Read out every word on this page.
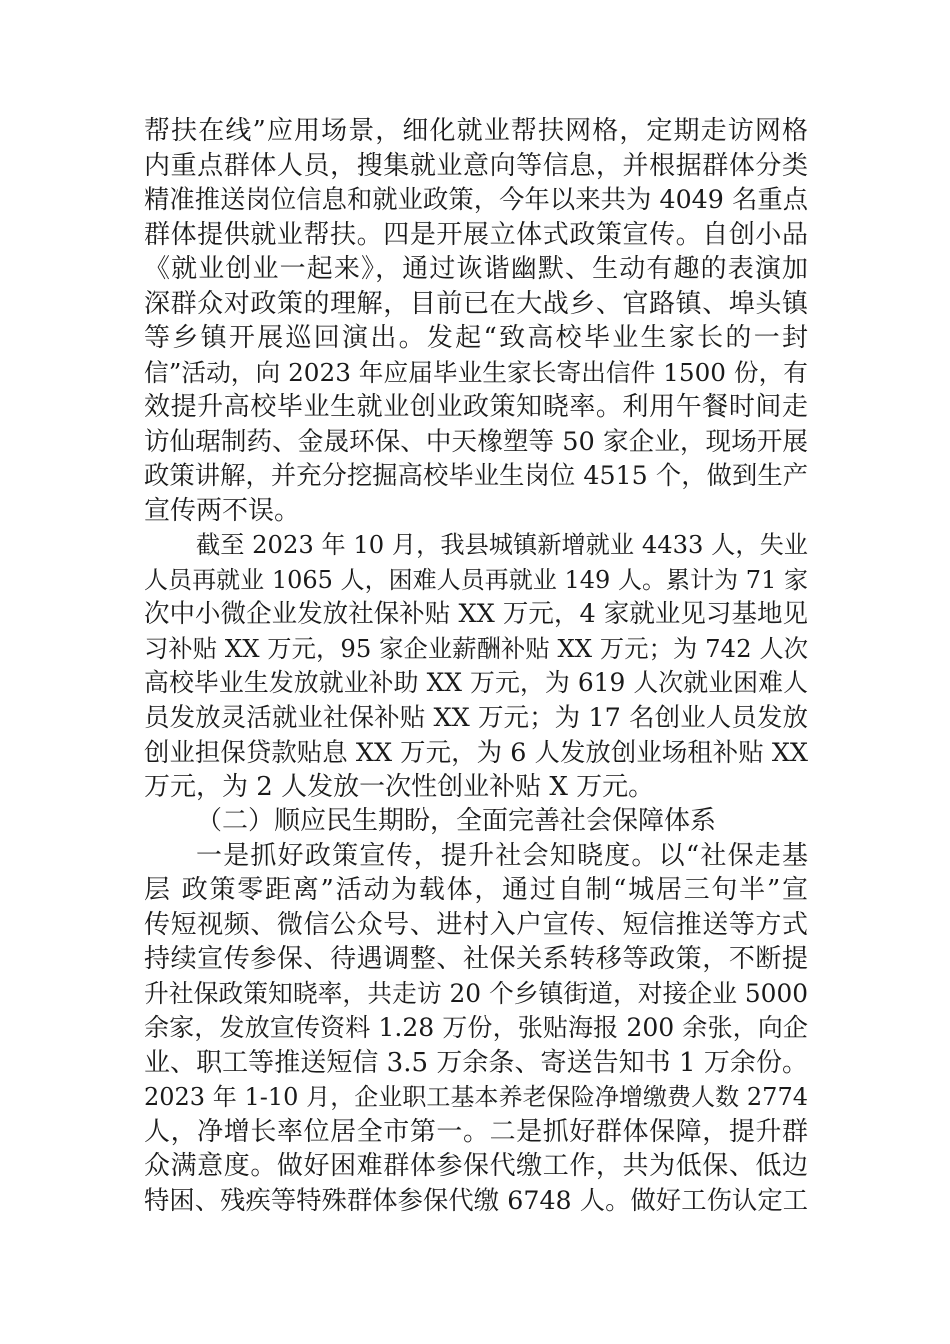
帮扶在线”应用场景，细化就业帮扶网格，定期走访网格
内重点群体人员，搜集就业意向等信息，并根据群体分类
精准推送岗位信息和就业政策，今年以来共为 4049 名重点
群体提供就业帮扶。四是开展立体式政策宣传。自创小品
《就业创业一起来》，通过诙谐幽默、生动有趣的表演加
深群众对政策的理解，目前已在大战乡、官路镇、埠头镇
等乡镇开展巡回演出。发起“致高校毕业生家长的一封
信”活动，向 2023 年应届毕业生家长寄出信件 1500 份，有
效提升高校毕业生就业创业政策知晓率。利用午餐时间走
访仙琚制药、金晟环保、中天橡塑等 50 家企业，现场开展
政策讲解，并充分挖掘高校毕业生岗位 4515 个，做到生产
宣传两不误。
截至 2023 年 10 月，我县城镇新增就业 4433 人，失业
人员再就业 1065 人，困难人员再就业 149 人。累计为 71 家
次中小微企业发放社保补贴 XX 万元，4 家就业见习基地见
习补贴 XX 万元，95 家企业薪酬补贴 XX 万元；为 742 人次
高校毕业生发放就业补助 XX 万元，为 619 人次就业困难人
员发放灵活就业社保补贴 XX 万元；为 17 名创业人员发放
创业担保贷款贴息 XX 万元，为 6 人发放创业场租补贴 XX
万元，为 2 人发放一次性创业补贴 X 万元。
（二）顺应民生期盼，全面完善社会保障体系
一是抓好政策宣传，提升社会知晓度。以“社保走基
层 政策零距离”活动为载体，通过自制“城居三句半”宣
传短视频、微信公众号、进村入户宣传、短信推送等方式
持续宣传参保、待遇调整、社保关系转移等政策，不断提
升社保政策知晓率，共走访 20 个乡镇街道，对接企业 5000
余家，发放宣传资料 1.28 万份，张贴海报 200 余张，向企
业、职工等推送短信 3.5 万余条、寄送告知书 1 万余份。
2023 年 1-10 月，企业职工基本养老保险净增缴费人数 2774
人，净增长率位居全市第一。二是抓好群体保障，提升群
众满意度。做好困难群体参保代缴工作，共为低保、低边
特困、残疾等特殊群体参保代缴 6748 人。做好工伤认定工
